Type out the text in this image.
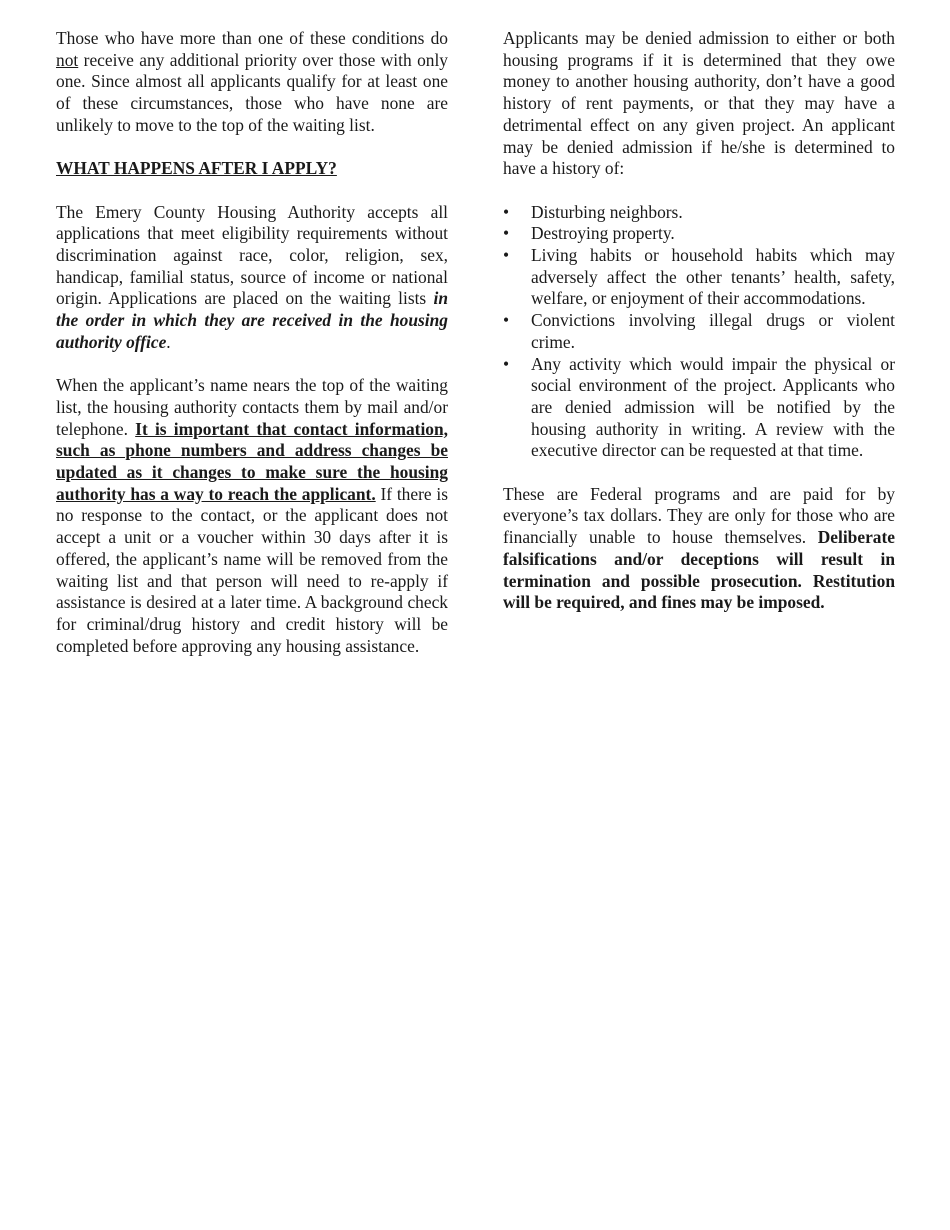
Those who have more than one of these conditions do not receive any additional priority over those with only one. Since almost all applicants qualify for at least one of these circumstances, those who have none are unlikely to move to the top of the waiting list.

WHAT HAPPENS AFTER I APPLY?

The Emery County Housing Authority accepts all applications that meet eligibility requirements without discrimination against race, color, religion, sex, handicap, familial status, source of income or national origin. Applications are placed on the waiting lists in the order in which they are received in the housing authority office.

When the applicant’s name nears the top of the waiting list, the housing authority contacts them by mail and/or telephone. It is important that contact information, such as phone numbers and address changes be updated as it changes to make sure the housing authority has a way to reach the applicant. If there is no response to the contact, or the applicant does not accept a unit or a voucher within 30 days after it is offered, the applicant’s name will be removed from the waiting list and that person will need to re-apply if assistance is desired at a later time. A background check for criminal/drug history and credit history will be completed before approving any housing assistance.

Applicants may be denied admission to either or both housing programs if it is determined that they owe money to another housing authority, don’t have a good history of rent payments, or that they may have a detrimental effect on any given project. An applicant may be denied admission if he/she is determined to have a history of:

• Disturbing neighbors.
• Destroying property.
• Living habits or household habits which may adversely affect the other tenants’ health, safety, welfare, or enjoyment of their accommodations.
• Convictions involving illegal drugs or violent crime.
• Any activity which would impair the physical or social environment of the project. Applicants who are denied admission will be notified by the housing authority in writing. A review with the executive director can be requested at that time.

These are Federal programs and are paid for by everyone’s tax dollars. They are only for those who are financially unable to house themselves. Deliberate falsifications and/or deceptions will result in termination and possible prosecution. Restitution will be required, and fines may be imposed.
